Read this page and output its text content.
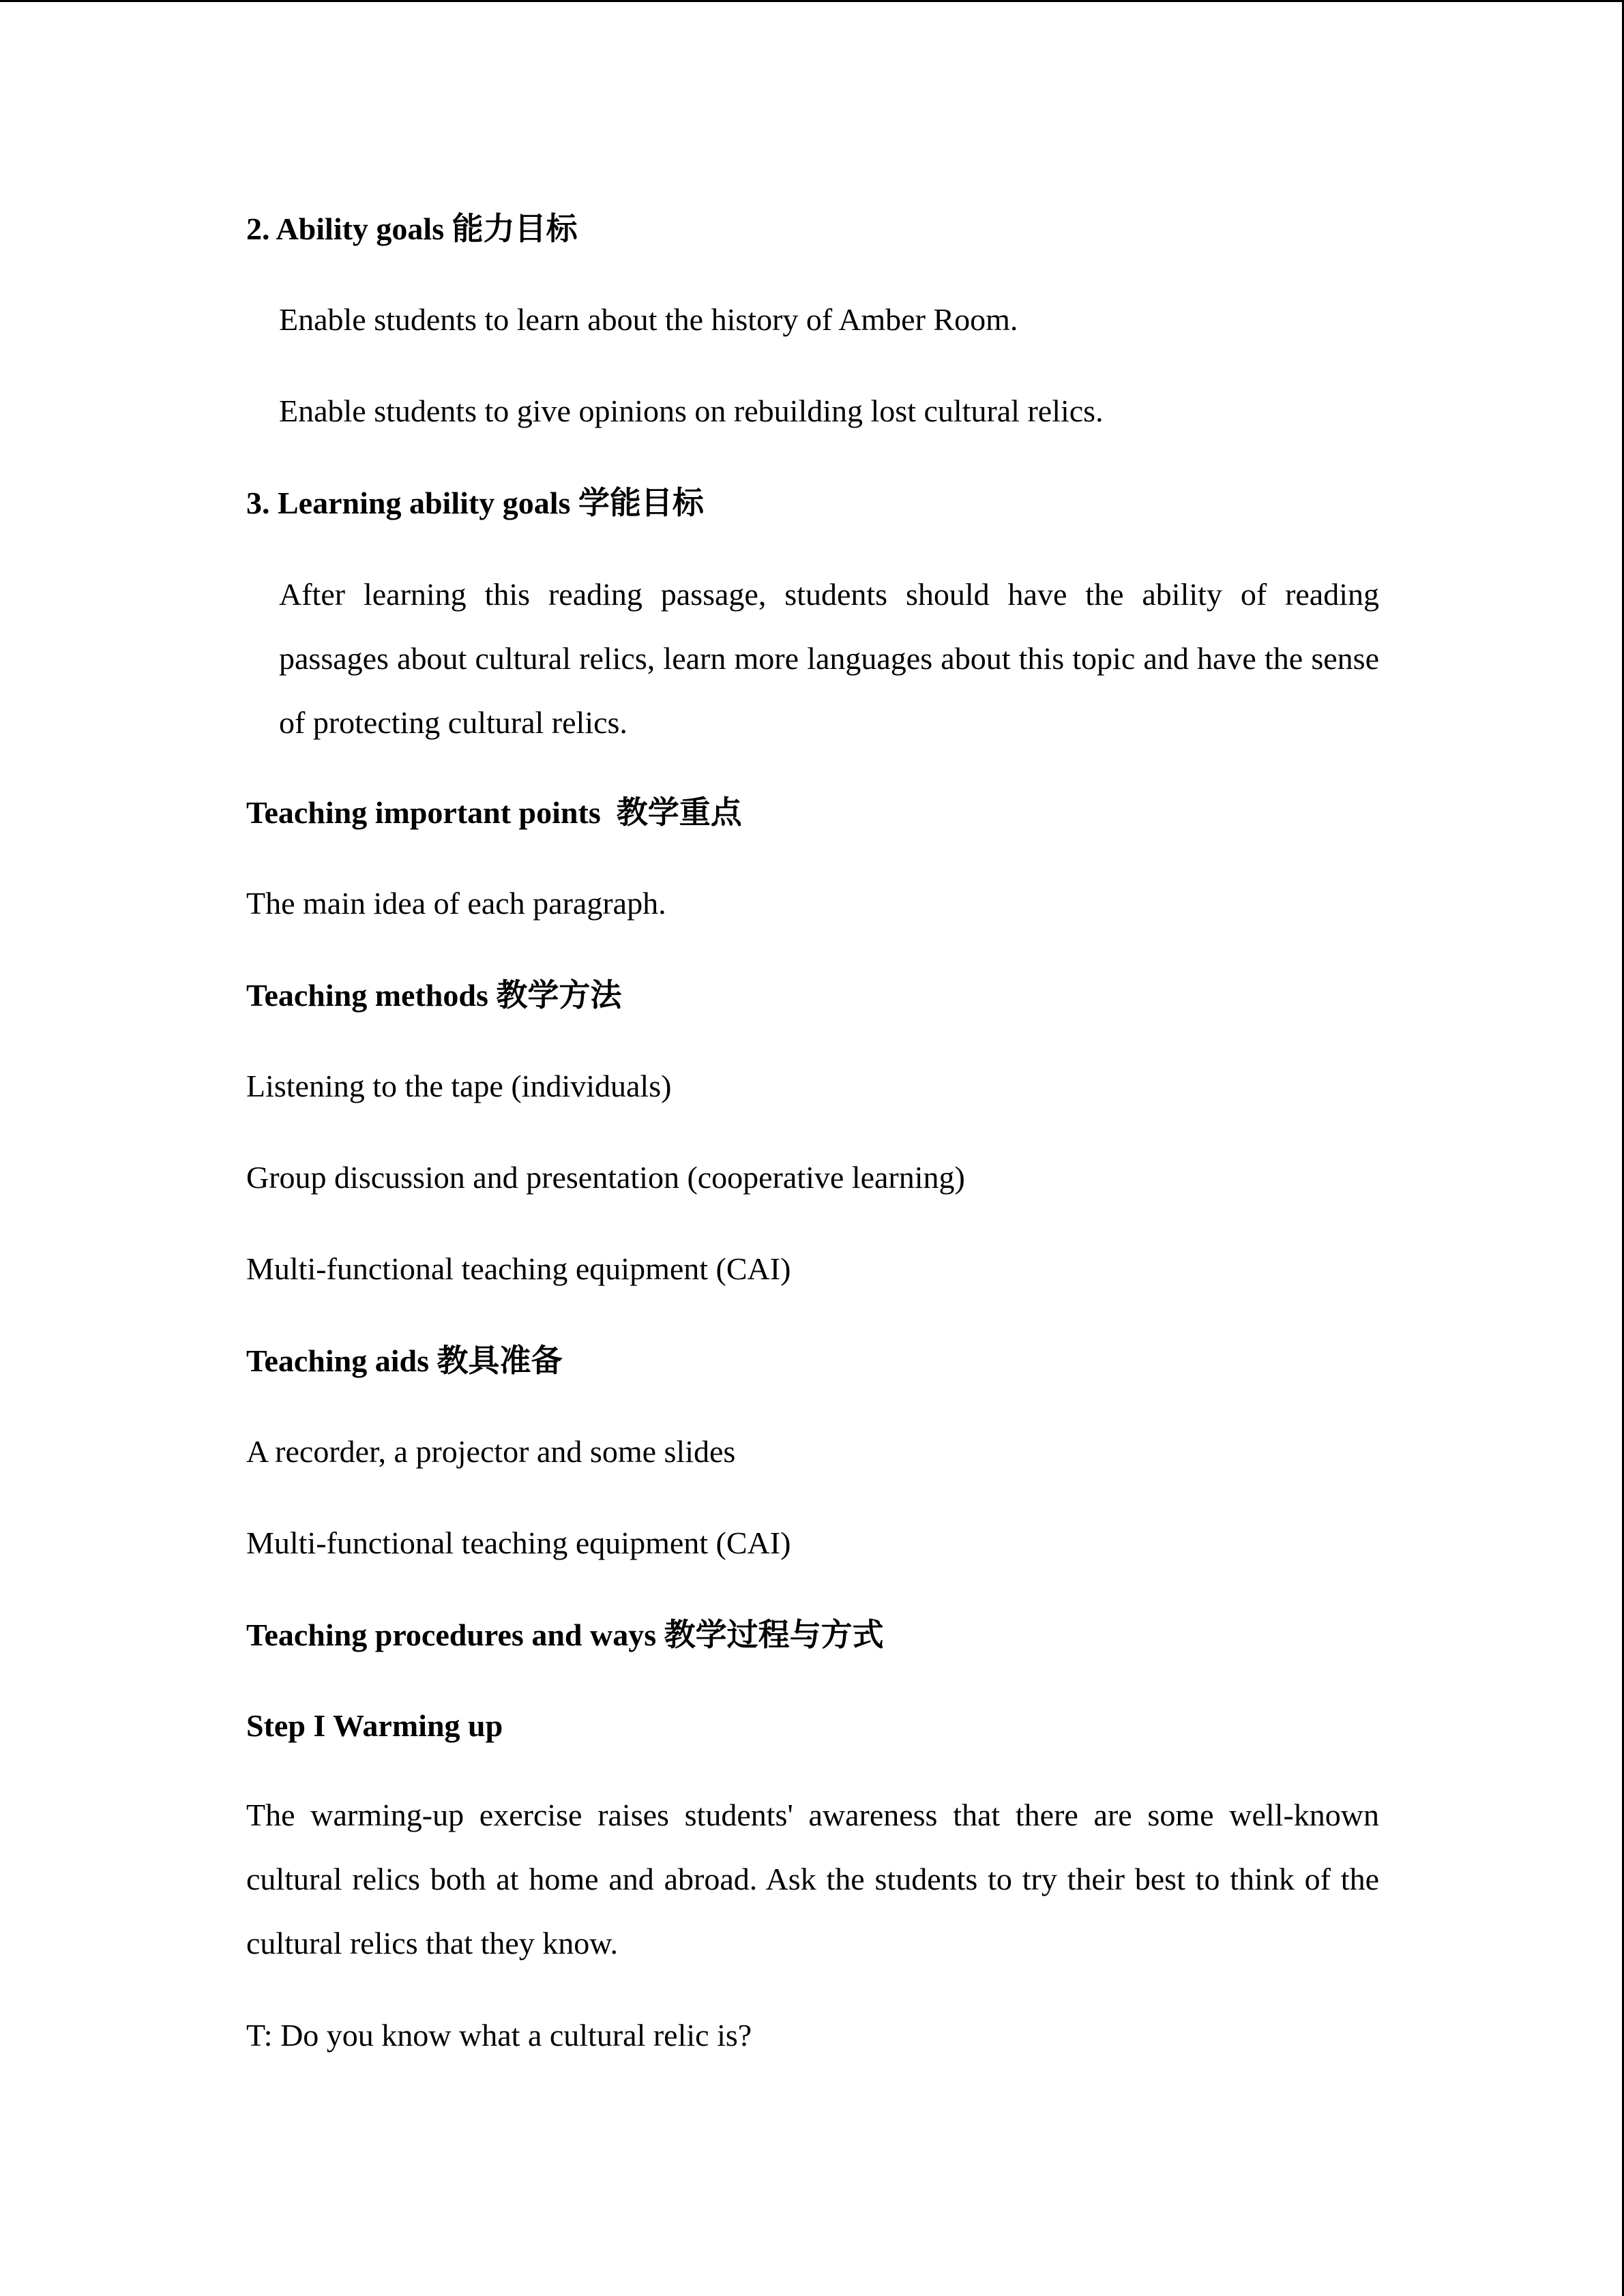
2. Ability goals 能力目标
Enable students to learn about the history of Amber Room.
Enable students to give opinions on rebuilding lost cultural relics.
3. Learning ability goals 学能目标
After learning this reading passage, students should have the ability of reading passages about cultural relics, learn more languages about this topic and have the sense of protecting cultural relics.
Teaching important points 教学重点
The main idea of each paragraph.
Teaching methods 教学方法
Listening to the tape (individuals)
Group discussion and presentation (cooperative learning)
Multi-functional teaching equipment (CAI)
Teaching aids 教具准备
A recorder, a projector and some slides
Multi-functional teaching equipment (CAI)
Teaching procedures and ways 教学过程与方式
Step I Warming up
The warming-up exercise raises students' awareness that there are some well-known cultural relics both at home and abroad. Ask the students to try their best to think of the cultural relics that they know.
T: Do you know what a cultural relic is?
